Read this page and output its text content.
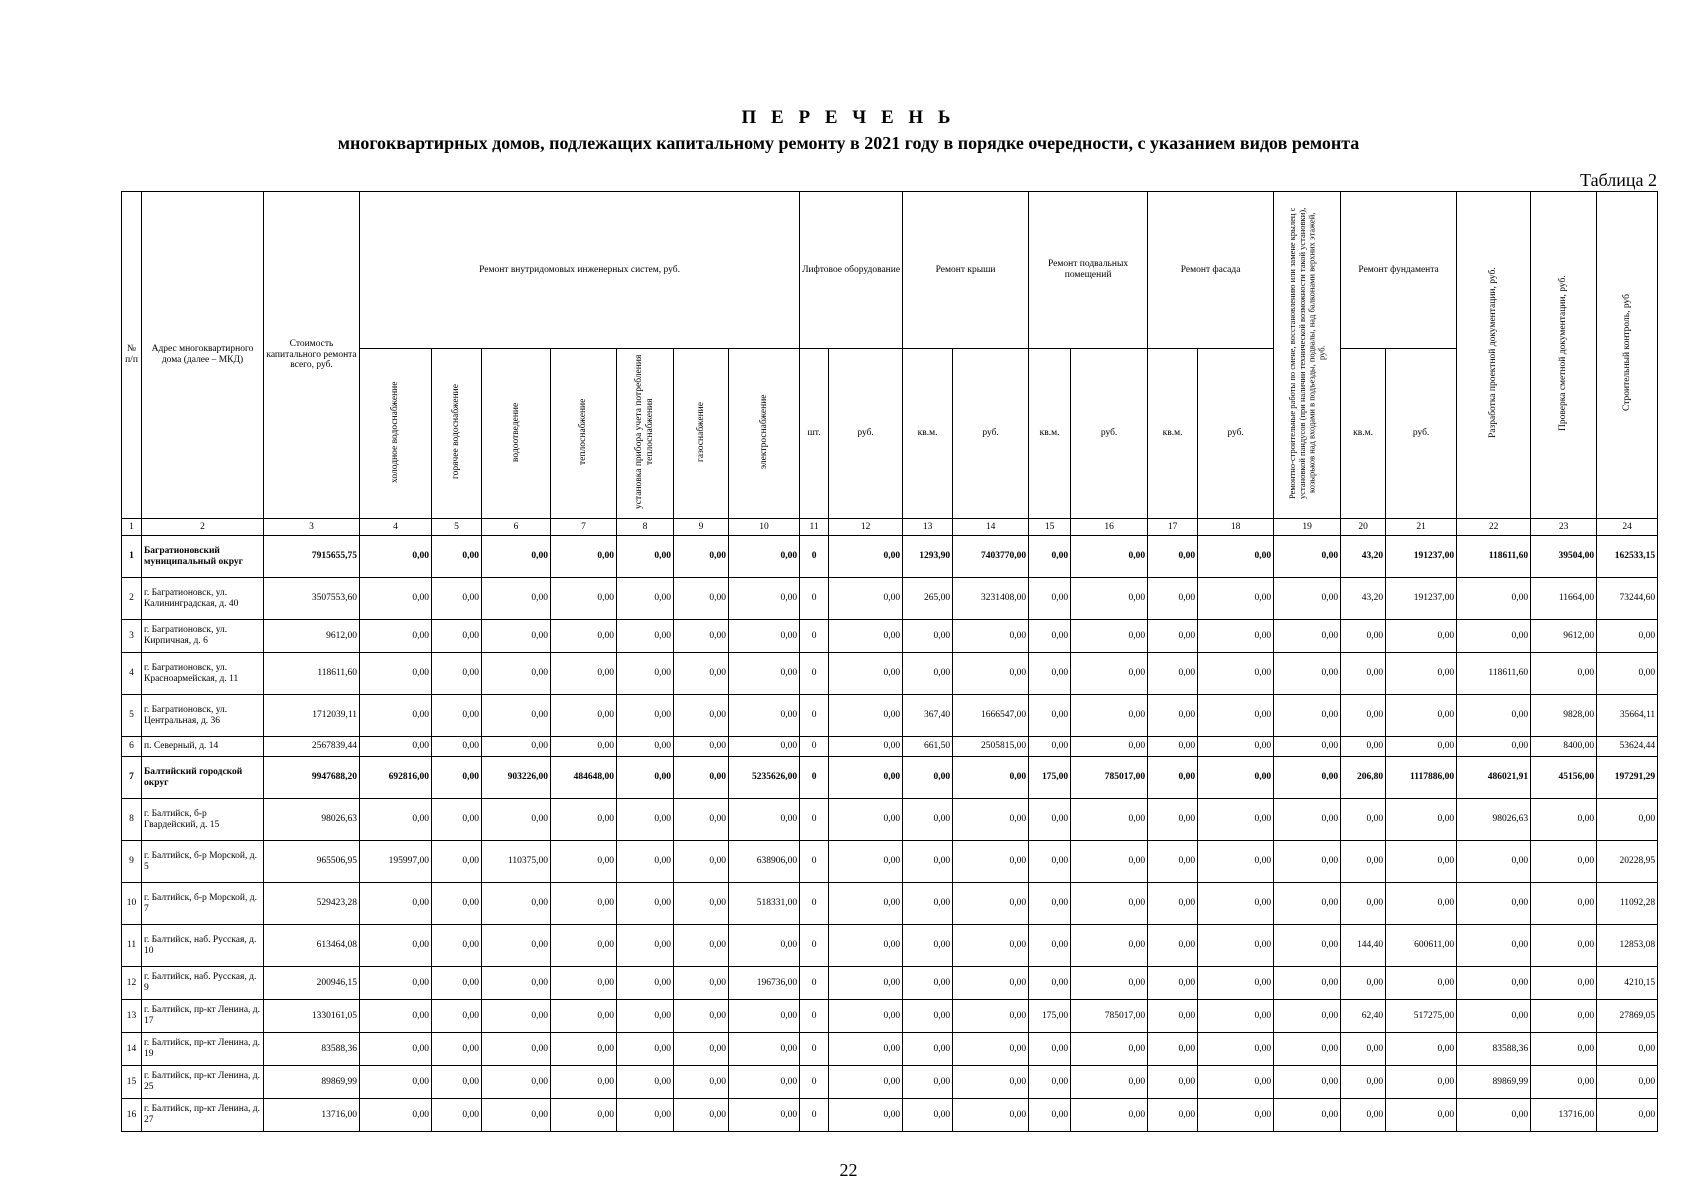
П Е Р Е Ч Е Н Ь
многоквартирных домов, подлежащих капитальному ремонту в 2021 году в порядке очередности, с указанием видов ремонта
Таблица 2
№ п/п	Адрес многоквартирного дома (далее – МКД)	Стоимость капитального ремонта всего, руб.	Ремонт внутридомовых инженерных систем, руб.							Лифтовое оборудование		Ремонт крыши		Ремонт подвальных помещений		Ремонт фасада		Ремонтно-строительные работы по смене, восстановлению или замене крылец с установкой пандусов (при наличии технической возможности такой установки), козырьков над входами в подъезды, подвалы, над балконами верхних этажей, руб.	Ремонт фундамента		Разработка проектной документации, руб.	Проверка сметной документации, руб.	Строительный контроль, руб
			холодное водоснабжение	горячее водоснабжение	водоотведение	теплоснабжение	установка прибора учета потребления теплоснабжения	газоснабжение	электроснабжение	шт.	руб.	кв.м.	руб.	кв.м.	руб.	кв.м.	руб.		кв.м.	руб.			
1	2	3	4	5	6	7	8	9	10	11	12	13	14	15	16	17	18	19	20	21	22	23	24
1	Багратионовский муниципальный округ	7915655,75	0,00	0,00	0,00	0,00	0,00	0,00	0,00	0	0,00	1293,90	7403770,00	0,00	0,00	0,00	0,00	0,00	43,20	191237,00	118611,60	39504,00	162533,15
2	г. Багратионовск, ул. Калининградская, д. 40	3507553,60	0,00	0,00	0,00	0,00	0,00	0,00	0,00	0	0,00	265,00	3231408,00	0,00	0,00	0,00	0,00	0,00	43,20	191237,00	0,00	11664,00	73244,60
3	г. Багратионовск, ул. Кирпичная, д. 6	9612,00	0,00	0,00	0,00	0,00	0,00	0,00	0,00	0	0,00	0,00	0,00	0,00	0,00	0,00	0,00	0,00	0,00	0,00	0,00	9612,00	0,00
4	г. Багратионовск, ул. Красноармейская, д. 11	118611,60	0,00	0,00	0,00	0,00	0,00	0,00	0,00	0	0,00	0,00	0,00	0,00	0,00	0,00	0,00	0,00	0,00	0,00	118611,60	0,00	0,00
5	г. Багратионовск, ул. Центральная, д. 36	1712039,11	0,00	0,00	0,00	0,00	0,00	0,00	0,00	0	0,00	367,40	1666547,00	0,00	0,00	0,00	0,00	0,00	0,00	0,00	0,00	9828,00	35664,11
6	п. Северный, д. 14	2567839,44	0,00	0,00	0,00	0,00	0,00	0,00	0,00	0	0,00	661,50	2505815,00	0,00	0,00	0,00	0,00	0,00	0,00	0,00	0,00	8400,00	53624,44
7	Балтийский городской округ	9947688,20	692816,00	0,00	903226,00	484648,00	0,00	0,00	5235626,00	0	0,00	0,00	0,00	175,00	785017,00	0,00	0,00	0,00	206,80	1117886,00	486021,91	45156,00	197291,29
8	г. Балтийск, б-р Гвардейский, д. 15	98026,63	0,00	0,00	0,00	0,00	0,00	0,00	0,00	0	0,00	0,00	0,00	0,00	0,00	0,00	0,00	0,00	0,00	0,00	98026,63	0,00	0,00
9	г. Балтийск, б-р Морской, д. 5	965506,95	195997,00	0,00	110375,00	0,00	0,00	0,00	638906,00	0	0,00	0,00	0,00	0,00	0,00	0,00	0,00	0,00	0,00	0,00	0,00	0,00	20228,95
10	г. Балтийск, б-р Морской, д. 7	529423,28	0,00	0,00	0,00	0,00	0,00	0,00	518331,00	0	0,00	0,00	0,00	0,00	0,00	0,00	0,00	0,00	0,00	0,00	0,00	0,00	11092,28
11	г. Балтийск, наб. Русская, д. 10	613464,08	0,00	0,00	0,00	0,00	0,00	0,00	0,00	0	0,00	0,00	0,00	0,00	0,00	0,00	0,00	0,00	144,40	600611,00	0,00	0,00	12853,08
12	г. Балтийск, наб. Русская, д. 9	200946,15	0,00	0,00	0,00	0,00	0,00	0,00	196736,00	0	0,00	0,00	0,00	0,00	0,00	0,00	0,00	0,00	0,00	0,00	0,00	0,00	4210,15
13	г. Балтийск, пр-кт Ленина, д. 17	1330161,05	0,00	0,00	0,00	0,00	0,00	0,00	0,00	0	0,00	0,00	0,00	175,00	785017,00	0,00	0,00	0,00	62,40	517275,00	0,00	0,00	27869,05
14	г. Балтийск, пр-кт Ленина, д. 19	83588,36	0,00	0,00	0,00	0,00	0,00	0,00	0,00	0	0,00	0,00	0,00	0,00	0,00	0,00	0,00	0,00	0,00	0,00	83588,36	0,00	0,00
15	г. Балтийск, пр-кт Ленина, д. 25	89869,99	0,00	0,00	0,00	0,00	0,00	0,00	0,00	0	0,00	0,00	0,00	0,00	0,00	0,00	0,00	0,00	0,00	0,00	89869,99	0,00	0,00
16	г. Балтийск, пр-кт Ленина, д. 27	13716,00	0,00	0,00	0,00	0,00	0,00	0,00	0,00	0	0,00	0,00	0,00	0,00	0,00	0,00	0,00	0,00	0,00	0,00	0,00	13716,00	0,00
22
